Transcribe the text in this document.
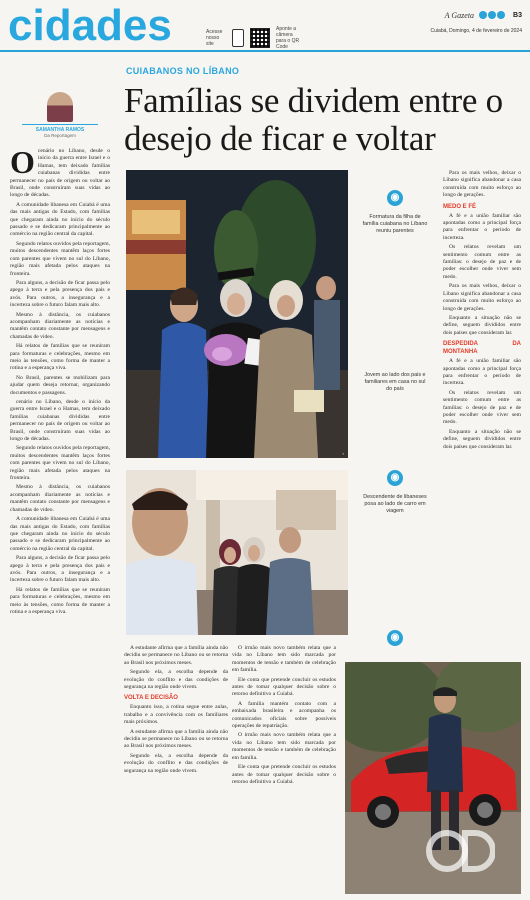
cidades	Acesse nosso site
Aponte a câmera para o QR Code
A Gazeta	B3
Cuiabá, Domingo, 4 de fevereiro de 2024
CUIABANOS NO LÍBANO
Famílias se dividem entre o desejo de ficar e voltar
SAMANTHA RAMOS
Da Reportagem
O cenário no Líbano, desde o início da guerra entre Israel e o Hamas, tem deixado famílias cuiabanas divididas entre permanecer no país de origem ou voltar ao Brasil, onde construíram suas vidas ao longo de décadas.

A comunidade libanesa em Cuiabá é uma das mais antigas do Estado, com famílias que chegaram ainda no início do século passado e se dedicaram principalmente ao comércio na região central da capital.

Segundo relatos ouvidos pela reportagem, muitos descendentes mantêm laços fortes com parentes que vivem no sul do Líbano, região mais afetada pelos ataques na fronteira.

Para alguns, a decisão de ficar passa pelo apego à terra e pela presença dos pais e avós. Para outros, a insegurança e a incerteza sobre o futuro falam mais alto.

Mesmo à distância, os cuiabanos acompanham diariamente as notícias e mantêm contato constante por mensagens e chamadas de vídeo.

Há relatos de famílias que se reuniram para formaturas e celebrações, mesmo em meio às tensões, como forma de manter a rotina e a esperança viva.

No Brasil, parentes se mobilizam para ajudar quem deseja retornar, organizando documentos e passagens.

cenário no Líbano, desde o início da guerra entre Israel e o Hamas, tem deixado famílias cuiabanas divididas entre permanecer no país de origem ou voltar ao Brasil, onde construíram suas vidas ao longo de décadas.

Segundo relatos ouvidos pela reportagem, muitos descendentes mantêm laços fortes com parentes que vivem no sul do Líbano, região mais afetada pelos ataques na fronteira.

Mesmo à distância, os cuiabanos acompanham diariamente as notícias e mantêm contato constante por mensagens e chamadas de vídeo.

A comunidade libanesa em Cuiabá é uma das mais antigas do Estado, com famílias que chegaram ainda no início do século passado e se dedicaram principalmente ao comércio na região central da capital.

Para alguns, a decisão de ficar passa pelo apego à terra e pela presença dos pais e avós. Para outros, a insegurança e a incerteza sobre o futuro falam mais alto.

Há relatos de famílias que se reuniram para formaturas e celebrações, mesmo em meio às tensões, como forma de manter a rotina e a esperança viva.

▪
◉
Formatura da filha de família cuiabana no Líbano reuniu parentes
Jovem ao lado dos pais e familiares em casa no sul do país
◉
Descendente de libaneses posa ao lado de carro em viagem
◉

Para os mais velhos, deixar o Líbano significa abandonar a casa construída com muito esforço ao longo de gerações.

MEDO E FÉ

A fé e a união familiar são apontadas como a principal força para enfrentar o período de incerteza.

Os relatos revelam um sentimento comum entre as famílias: o desejo de paz e de poder escolher onde viver sem medo.

Para os mais velhos, deixar o Líbano significa abandonar a casa construída com muito esforço ao longo de gerações.

Enquanto a situação não se define, seguem divididos entre dois países que consideram lar.

DESPEDIDA DA MONTANHA

A fé e a união familiar são apontadas como a principal força para enfrentar o período de incerteza.

Os relatos revelam um sentimento comum entre as famílias: o desejo de paz e de poder escolher onde viver sem medo.

Enquanto a situação não se define, seguem divididos entre dois países que consideram lar.

A estudante afirma que a família ainda não decidiu se permanece no Líbano ou se retorna ao Brasil nos próximos meses.

Segundo ela, a escolha depende da evolução do conflito e das condições de segurança na região onde vivem.

VOLTA E DECISÃO

Enquanto isso, a rotina segue entre aulas, trabalho e a convivência com os familiares mais próximos.

A estudante afirma que a família ainda não decidiu se permanece no Líbano ou se retorna ao Brasil nos próximos meses.

Segundo ela, a escolha depende da evolução do conflito e das condições de segurança na região onde vivem.

O irmão mais novo também relata que a vida no Líbano tem sido marcada por momentos de tensão e também de celebração em família.

Ele conta que pretende concluir os estudos antes de tomar qualquer decisão sobre o retorno definitivo a Cuiabá.

A família mantém contato com a embaixada brasileira e acompanha os comunicados oficiais sobre possíveis operações de repatriação.

O irmão mais novo também relata que a vida no Líbano tem sido marcada por momentos de tensão e também de celebração em família.

Ele conta que pretende concluir os estudos antes de tomar qualquer decisão sobre o retorno definitivo a Cuiabá.
